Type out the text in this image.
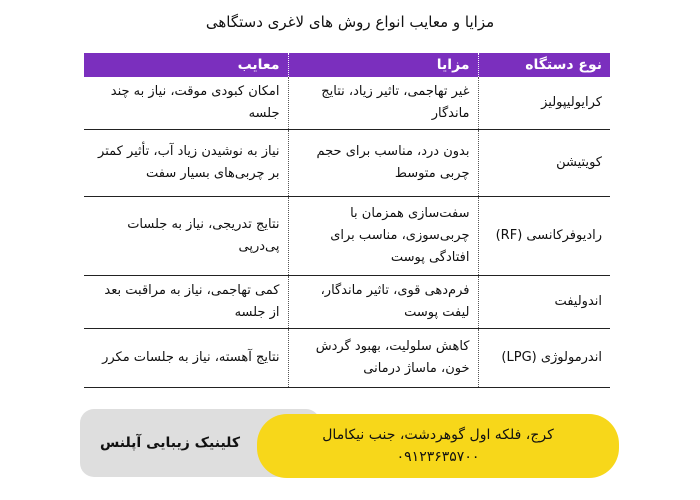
مزایا و معایب انواع روش های لاغری دستگاهی
نوع دستگاه	مزایا	معایب
کرایولیپولیز	غیر تهاجمی، تاثیر زیاد، نتایج ماندگار	امکان کبودی موقت، نیاز به چند جلسه
کویتیشن	بدون درد، مناسب برای حجم چربی متوسط	نیاز به نوشیدن زیاد آب، تأثیر کمتر بر چربی‌های بسیار سفت
رادیوفرکانسی (RF)	سفت‌سازی همزمان با چربی‌سوزی، مناسب برای افتادگی پوست	نتایج تدریجی، نیاز به جلسات پی‌درپی
اندولیفت	فرم‌دهی قوی، تاثیر ماندگار، لیفت پوست	کمی تهاجمی، نیاز به مراقبت بعد از جلسه
اندرمولوژی (LPG)	کاهش سلولیت، بهبود گردش خون، ماساژ درمانی	نتایج آهسته، نیاز به جلسات مکرر
کرج، فلکه اول گوهردشت، جنب نیکامال
۰۹۱۲۳۶۳۵۷۰۰
کلینیک زیبایی آپلنس
